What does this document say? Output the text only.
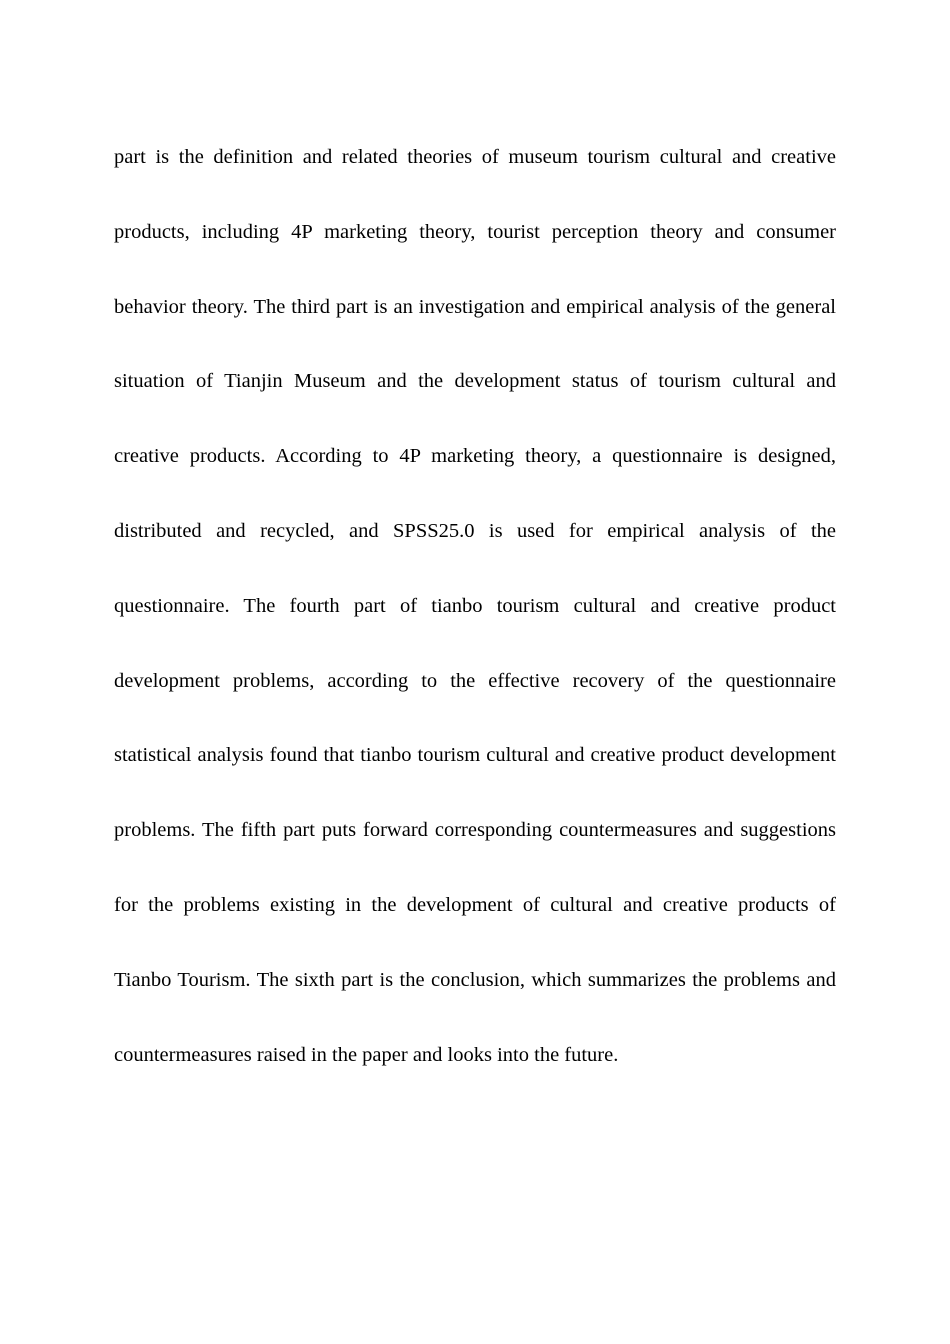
part is the definition and related theories of museum tourism cultural and creative products, including 4P marketing theory, tourist perception theory and consumer behavior theory. The third part is an investigation and empirical analysis of the general situation of Tianjin Museum and the development status of tourism cultural and creative products. According to 4P marketing theory, a questionnaire is designed, distributed and recycled, and SPSS25.0 is used for empirical analysis of the questionnaire. The fourth part of tianbo tourism cultural and creative product development problems, according to the effective recovery of the questionnaire statistical analysis found that tianbo tourism cultural and creative product development problems. The fifth part puts forward corresponding countermeasures and suggestions for the problems existing in the development of cultural and creative products of Tianbo Tourism. The sixth part is the conclusion, which summarizes the problems and countermeasures raised in the paper and looks into the future.
